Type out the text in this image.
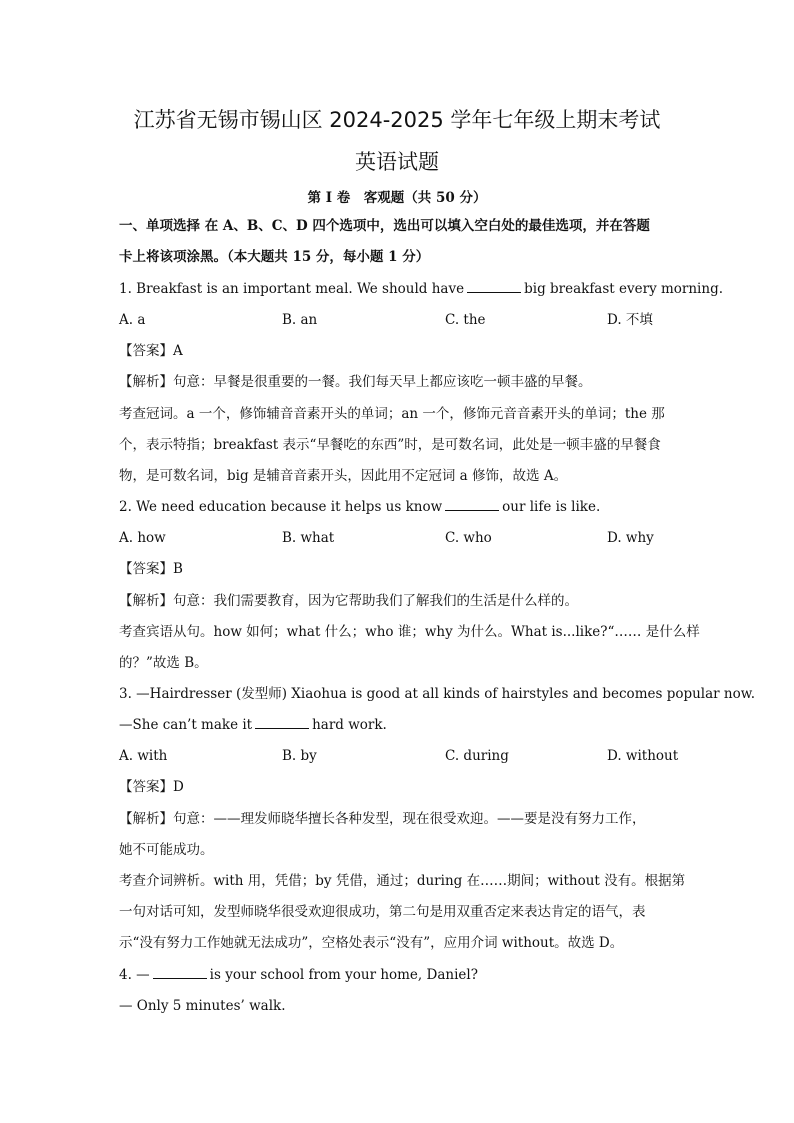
江苏省无锡市锡山区 2024-2025 学年七年级上期末考试
英语试题
第 I 卷　客观题（共 50 分）
一、单项选择 在 A、B、C、D 四个选项中，选出可以填入空白处的最佳选项，并在答题
卡上将该项涂黑。（本大题共 15 分，每小题 1 分）
1. Breakfast is an important meal. We should have	big breakfast every morning.
A. a	B. an	C. the	D. 不填
【答案】A
【解析】句意：早餐是很重要的一餐。我们每天早上都应该吃一顿丰盛的早餐。
考查冠词。a 一个，修饰辅音音素开头的单词；an 一个，修饰元音音素开头的单词；the 那
个，表示特指；breakfast 表示“早餐吃的东西”时，是可数名词，此处是一顿丰盛的早餐食
物，是可数名词，big 是辅音音素开头，因此用不定冠词 a 修饰，故选 A。
2. We need education because it helps us know	our life is like.
A. how	B. what	C. who	D. why
【答案】B
【解析】句意：我们需要教育，因为它帮助我们了解我们的生活是什么样的。
考查宾语从句。how 如何；what 什么；who 谁；why 为什么。What is...like?“…… 是什么样
的？”故选 B。
3. —Hairdresser (发型师) Xiaohua is good at all kinds of hairstyles and becomes popular now.
—She can’t make it	hard work.
A. with	B. by	C. during	D. without
【答案】D
【解析】句意：——理发师晓华擅长各种发型，现在很受欢迎。——要是没有努力工作，
她不可能成功。
考查介词辨析。with 用，凭借；by 凭借，通过；during 在……期间；without 没有。根据第
一句对话可知，发型师晓华很受欢迎很成功，第二句是用双重否定来表达肯定的语气，表
示“没有努力工作她就无法成功”，空格处表示“没有”，应用介词 without。故选 D。
4. —	is your school from your home, Daniel?
— Only 5 minutes’ walk.
